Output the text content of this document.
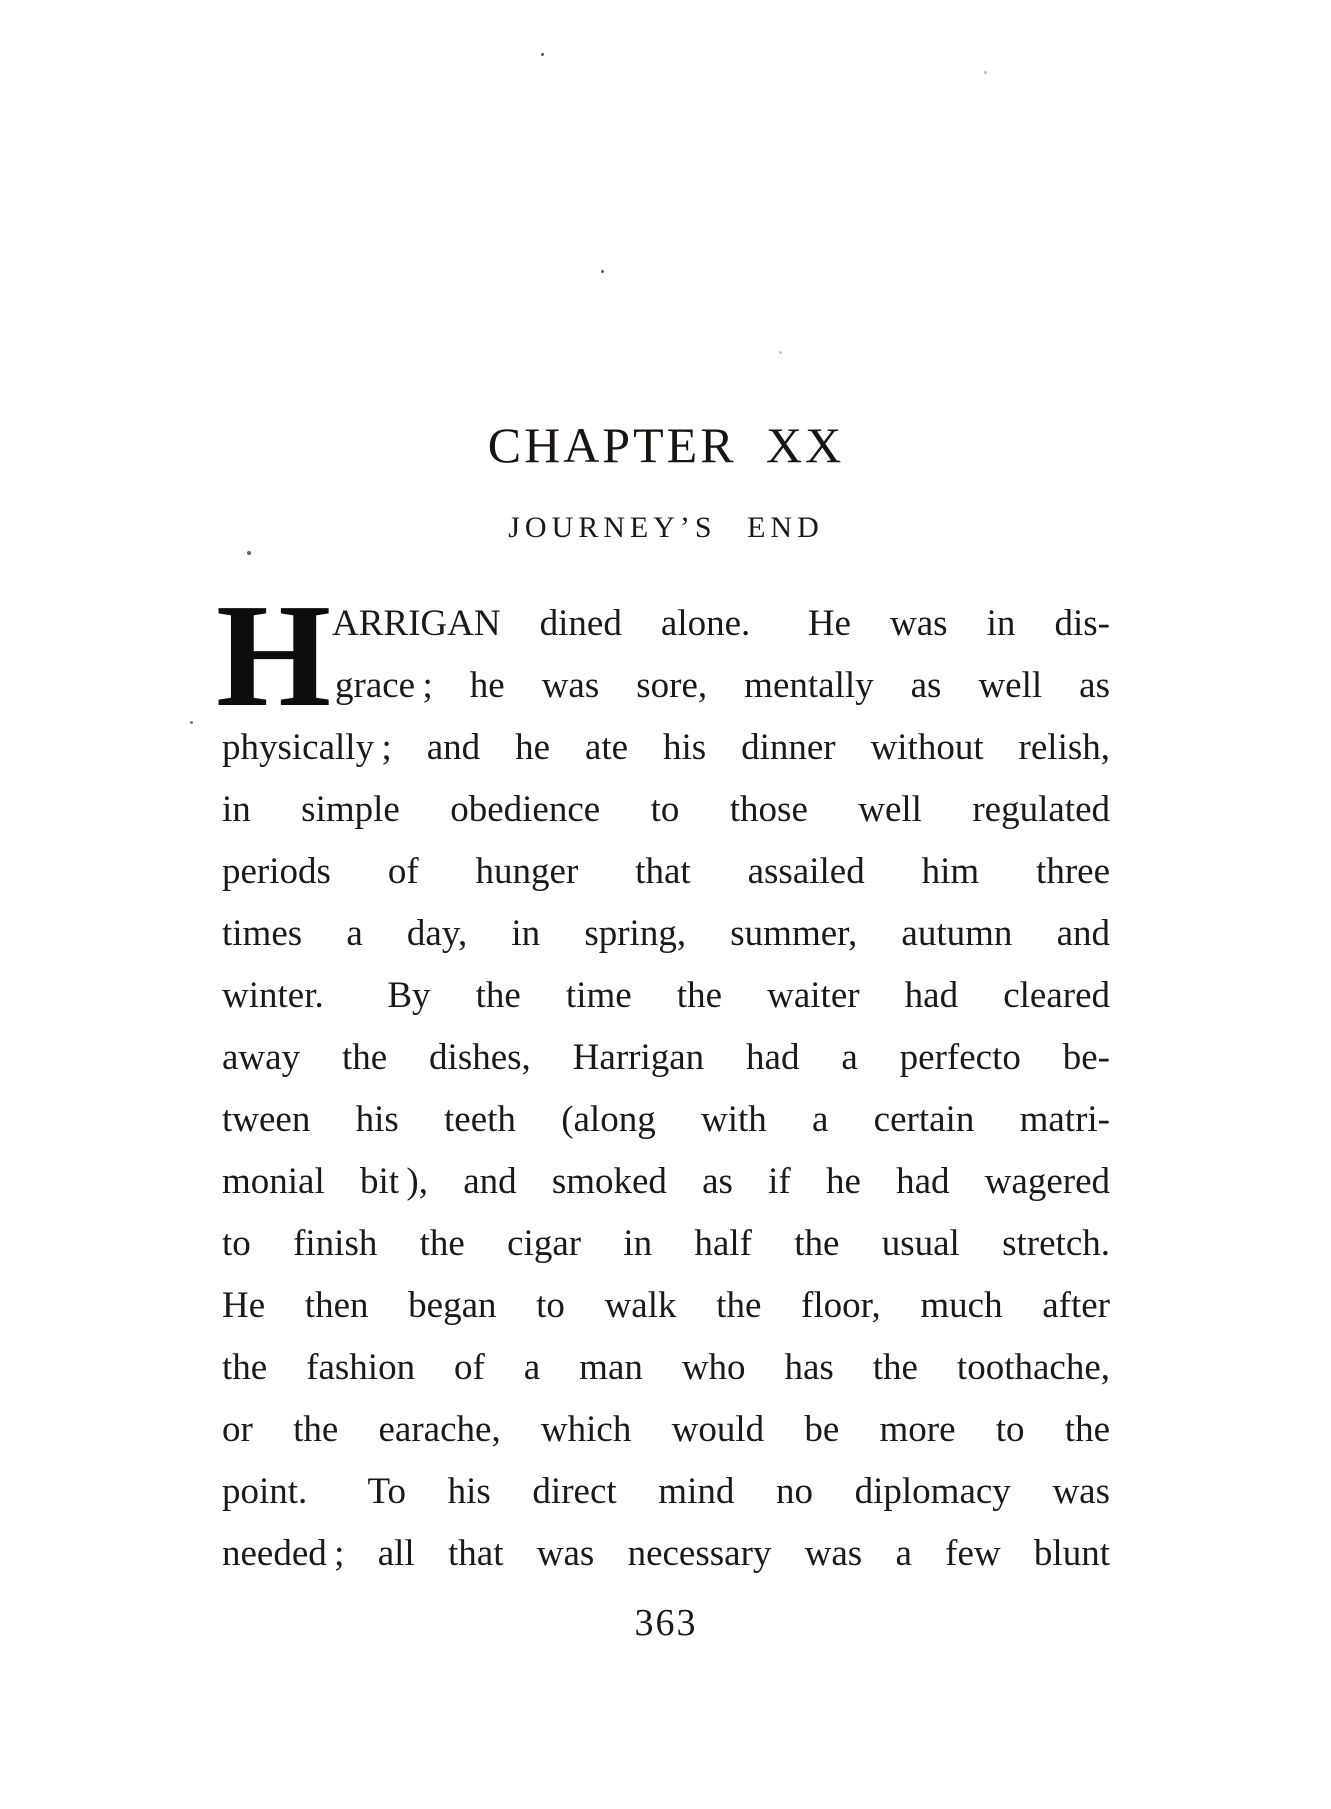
CHAPTER XX
JOURNEY’S END
H ARRIGAN dined alone.  He was in dis-
grace ; he was sore, mentally as well as
physically ; and he ate his dinner without relish,
in simple obedience to those well regulated
periods of hunger that assailed him three
times a day, in spring, summer, autumn and
winter.  By the time the waiter had cleared
away the dishes, Harrigan had a perfecto be-
tween his teeth (along with a certain matri-
monial bit ), and smoked as if he had wagered
to finish the cigar in half the usual stretch.
He then began to walk the floor, much after
the fashion of a man who has the toothache,
or the earache, which would be more to the
point.  To his direct mind no diplomacy was
needed ; all that was necessary was a few blunt
363
